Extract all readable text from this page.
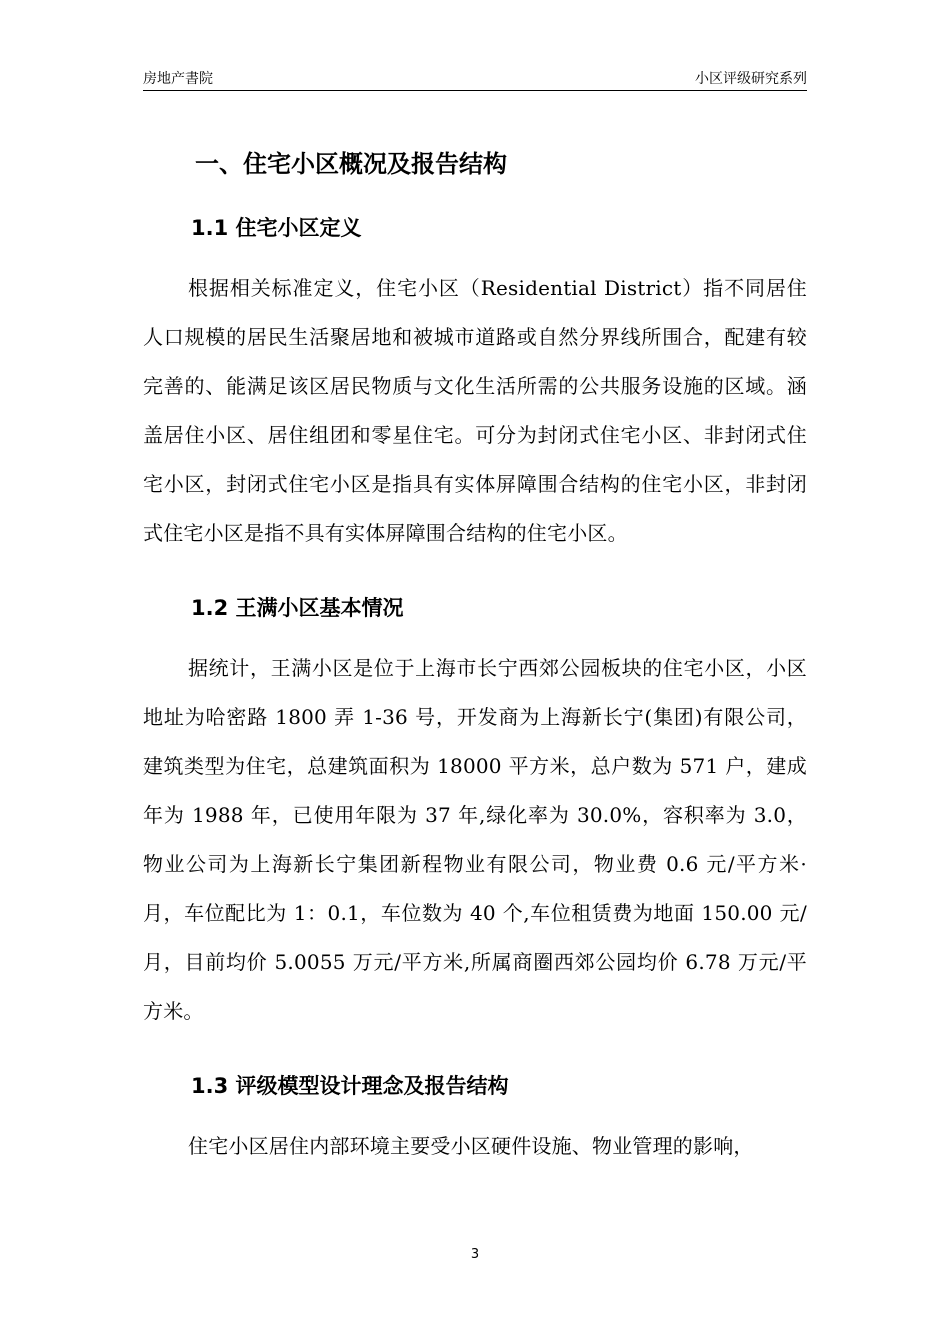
房地产書院	小区评级研究系列
一、住宅小区概况及报告结构
1.1 住宅小区定义

根据相关标准定义，住宅小区（Residential District）指不同居住人口规模的居民生活聚居地和被城市道路或自然分界线所围合，配建有较完善的、能满足该区居民物质与文化生活所需的公共服务设施的区域。涵盖居住小区、居住组团和零星住宅。可分为封闭式住宅小区、非封闭式住宅小区，封闭式住宅小区是指具有实体屏障围合结构的住宅小区，非封闭式住宅小区是指不具有实体屏障围合结构的住宅小区。

1.2 王满小区基本情况

据统计，王满小区是位于上海市长宁西郊公园板块的住宅小区，小区地址为哈密路 1800 弄 1-36 号，开发商为上海新长宁(集团)有限公司，建筑类型为住宅，总建筑面积为 18000 平方米，总户数为 571 户，建成年为 1988 年，已使用年限为 37 年,绿化率为 30.0%，容积率为 3.0，物业公司为上海新长宁集团新程物业有限公司，物业费 0.6 元/平方米·月，车位配比为 1：0.1，车位数为 40 个,车位租赁费为地面 150.00 元/月，目前均价 5.0055 万元/平方米,所属商圈西郊公园均价 6.78 万元/平方米。

1.3 评级模型设计理念及报告结构

住宅小区居住内部环境主要受小区硬件设施、物业管理的影响，

3
